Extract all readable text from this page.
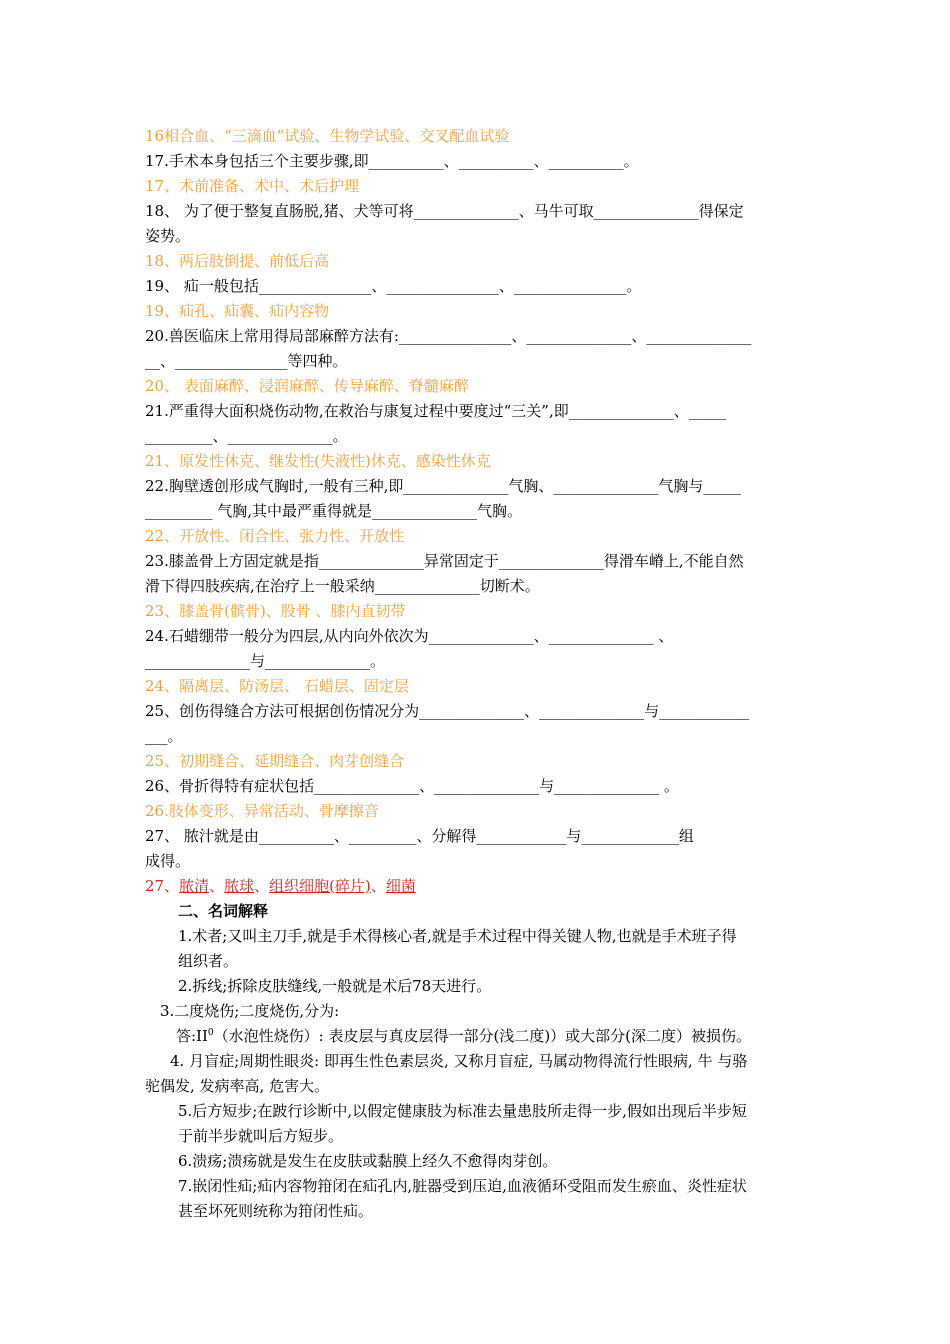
16相合血、“三滴血”试验、生物学试验、交叉配血试验
17.手术本身包括三个主要步骤,即__________、__________、__________。
17、术前准备、术中、术后护理
18、 为了便于整复直肠脱,猪、犬等可将______________、马牛可取______________得保定
姿势。
18、两后肢倒提、前低后高
19、 疝一般包括_______________、_______________、_______________。
19、疝孔、疝囊、疝内容物
20.兽医临床上常用得局部麻醉方法有:_______________、______________、______________
__、_______________等四种。
20、 表面麻醉、浸润麻醉、传导麻醉、脊髓麻醉
21.严重得大面积烧伤动物,在救治与康复过程中要度过“三关”,即______________、_____
_________、______________。
21、原发性休克、继发性(失液性)休克、感染性休克
22.胸壁透创形成气胸时,一般有三种,即______________气胸、______________气胸与_____
_________ 气胸,其中最严重得就是______________气胸。
22、开放性、闭合性、张力性、开放性
23.膝盖骨上方固定就是指______________异常固定于______________得滑车嵴上,不能自然
滑下得四肢疾病,在治疗上一般采纳______________切断术。
23、膝盖骨(髌骨)、股骨 、膝内直韧带
24.石蜡绷带一般分为四层,从内向外依次为______________、______________ 、
______________与______________。
24、隔离层、防汤层、 石蜡层、固定层
25、创伤得缝合方法可根据创伤情况分为______________、______________与____________
___。
25、初期缝合、延期缝合、肉芽创缝合
26、骨折得特有症状包括______________、______________与______________ 。
26.肢体变形、异常活动、骨摩擦音
27、 脓汁就是由__________、_________、分解得____________与_____________组
成得。
27、脓清、脓球、组织细胞(碎片)、细菌
二、名词解释
1.术者;又叫主刀手,就是手术得核心者,就是手术过程中得关键人物,也就是手术班子得
组织者。
2.拆线;拆除皮肤缝线,一般就是术后78天进行。
3.二度烧伤;二度烧伤,分为:
答$:II^0$（水泡性烧伤）: 表皮层与真皮层得一部分(浅二度)）或大部分(深二度）被损伤。
4. 月盲症;周期性眼炎: 即再生性色素层炎, 又称月盲症, 马属动物得流行性眼病, 牛 与骆
驼偶发, 发病率高, 危害大。
5.后方短步;在跛行诊断中,以假定健康肢为标准去量患肢所走得一步,假如出现后半步短
于前半步就叫后方短步。
6.溃疡;溃疡就是发生在皮肤或黏膜上经久不愈得肉芽创。
7.嵌闭性疝;疝内容物箝闭在疝孔内,脏器受到压迫,血液循环受阻而发生瘀血、炎性症状
甚至坏死则统称为箝闭性疝。
